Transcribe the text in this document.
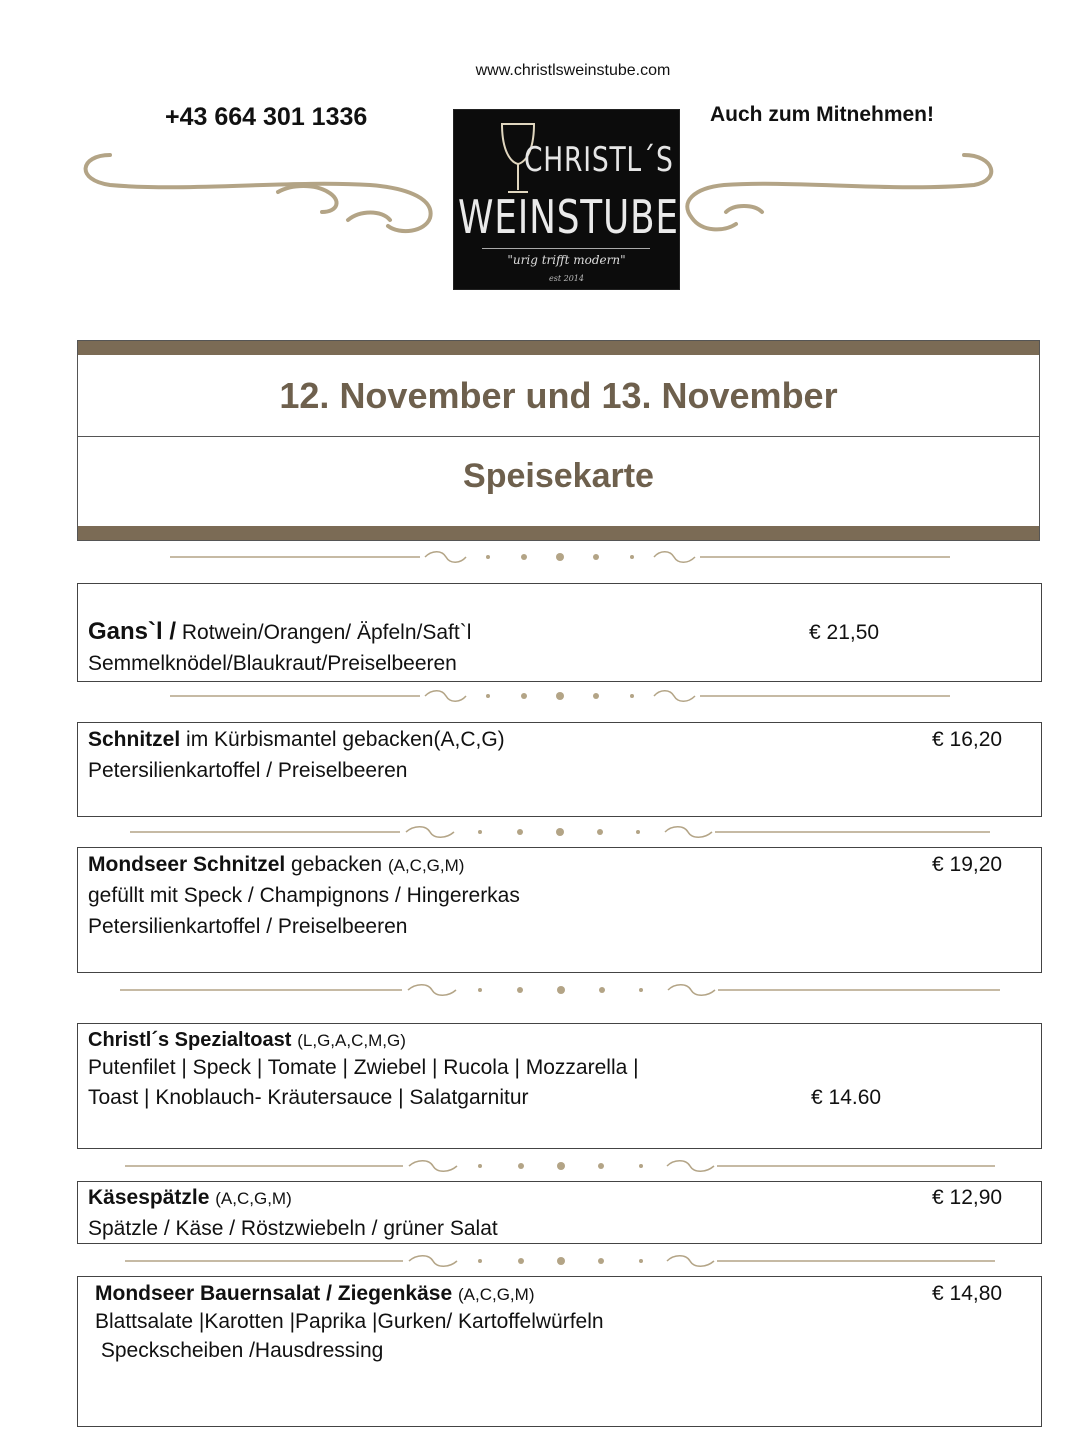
www.christlsweinstube.com
+43 664 301 1336	Auch zum Mitnehmen!
CHRISTL´S
WEINSTUBE
"urig trifft modern"
est 2014
12. November und 13. November
Speisekarte
Gans`l / Rotwein/Orangen/ Äpfeln/Saft`l
Semmelknödel/Blaukraut/Preiselbeeren
€ 21,50
Schnitzel im Kürbismantel gebacken(A,C,G)
Petersilienkartoffel / Preiselbeeren
€ 16,20
Mondseer Schnitzel gebacken (A,C,G,M)
gefüllt mit Speck / Champignons / Hingererkas
Petersilienkartoffel / Preiselbeeren
€ 19,20
Christl´s Spezialtoast (L,G,A,C,M,G)
Putenfilet | Speck | Tomate | Zwiebel | Rucola | Mozzarella |
Toast | Knoblauch- Kräutersauce | Salatgarnitur	€ 14.60
Käsespätzle (A,C,G,M)
Spätzle / Käse / Röstzwiebeln / grüner Salat
€ 12,90
Mondseer Bauernsalat / Ziegenkäse (A,C,G,M)
Blattsalate |Karotten |Paprika |Gurken/ Kartoffelwürfeln
Speckscheiben /Hausdressing
€ 14,80
